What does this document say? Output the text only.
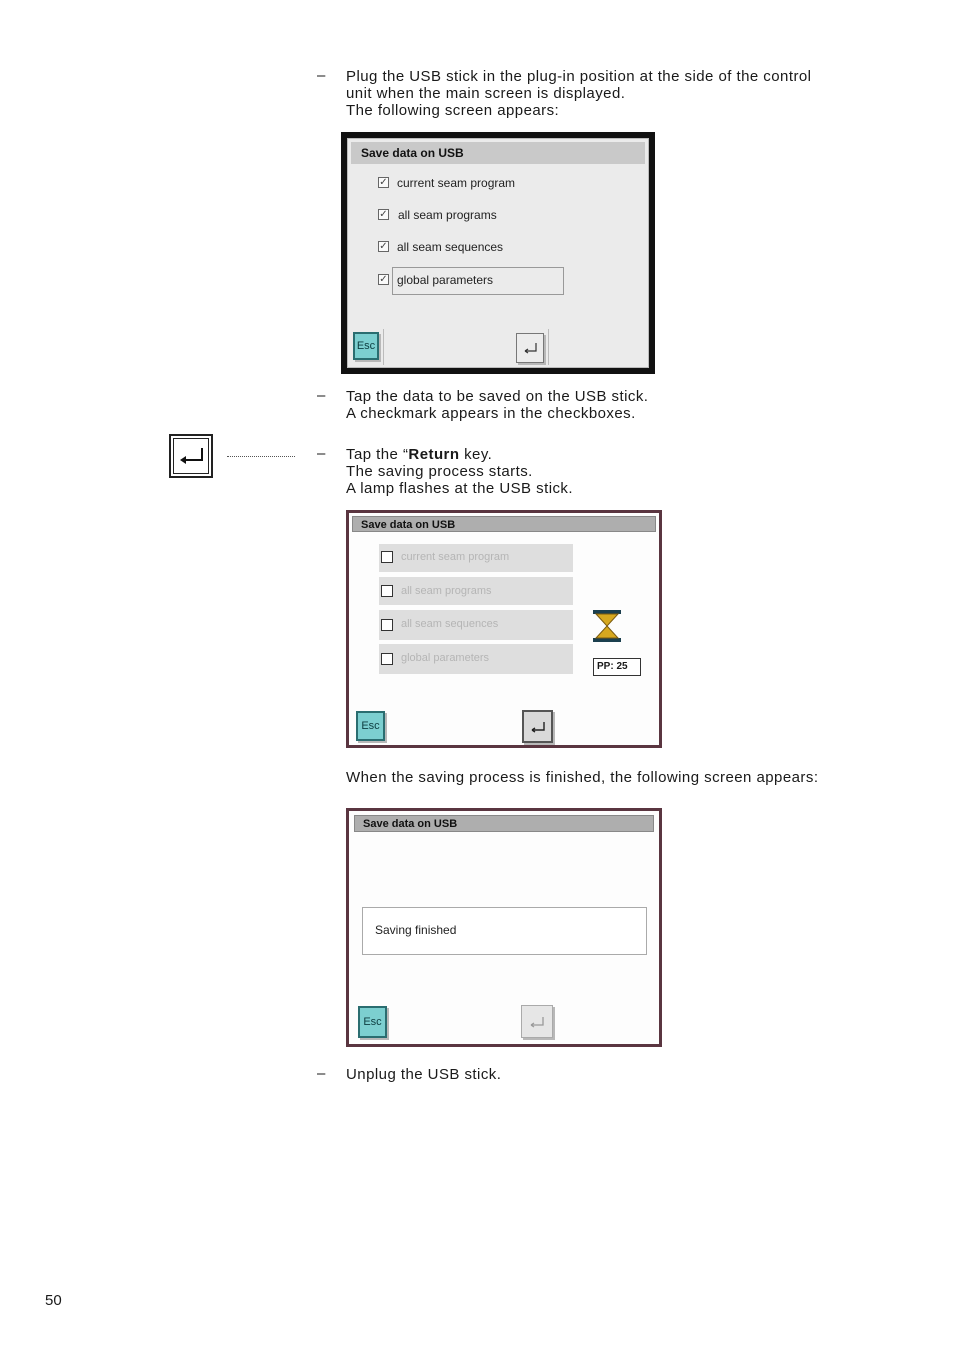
– Plug the USB stick in the plug-in position at the side of the control
unit when the main screen is displayed.
The following screen appears:
Save data on USB
✓ current seam program
✓ all seam programs
✓ all seam sequences
✓ global parameters
Esc
– Tap the data to be saved on the USB stick.
A checkmark appears in the checkboxes.
– Tap the “Return key.
The saving process starts.
A lamp flashes at the USB stick.
Save data on USB
current seam program
all seam programs
all seam sequences
global parameters
PP: 25
Esc
When the saving process is finished, the following screen appears:
Save data on USB
Saving finished
Esc
– Unplug the USB stick.
50
